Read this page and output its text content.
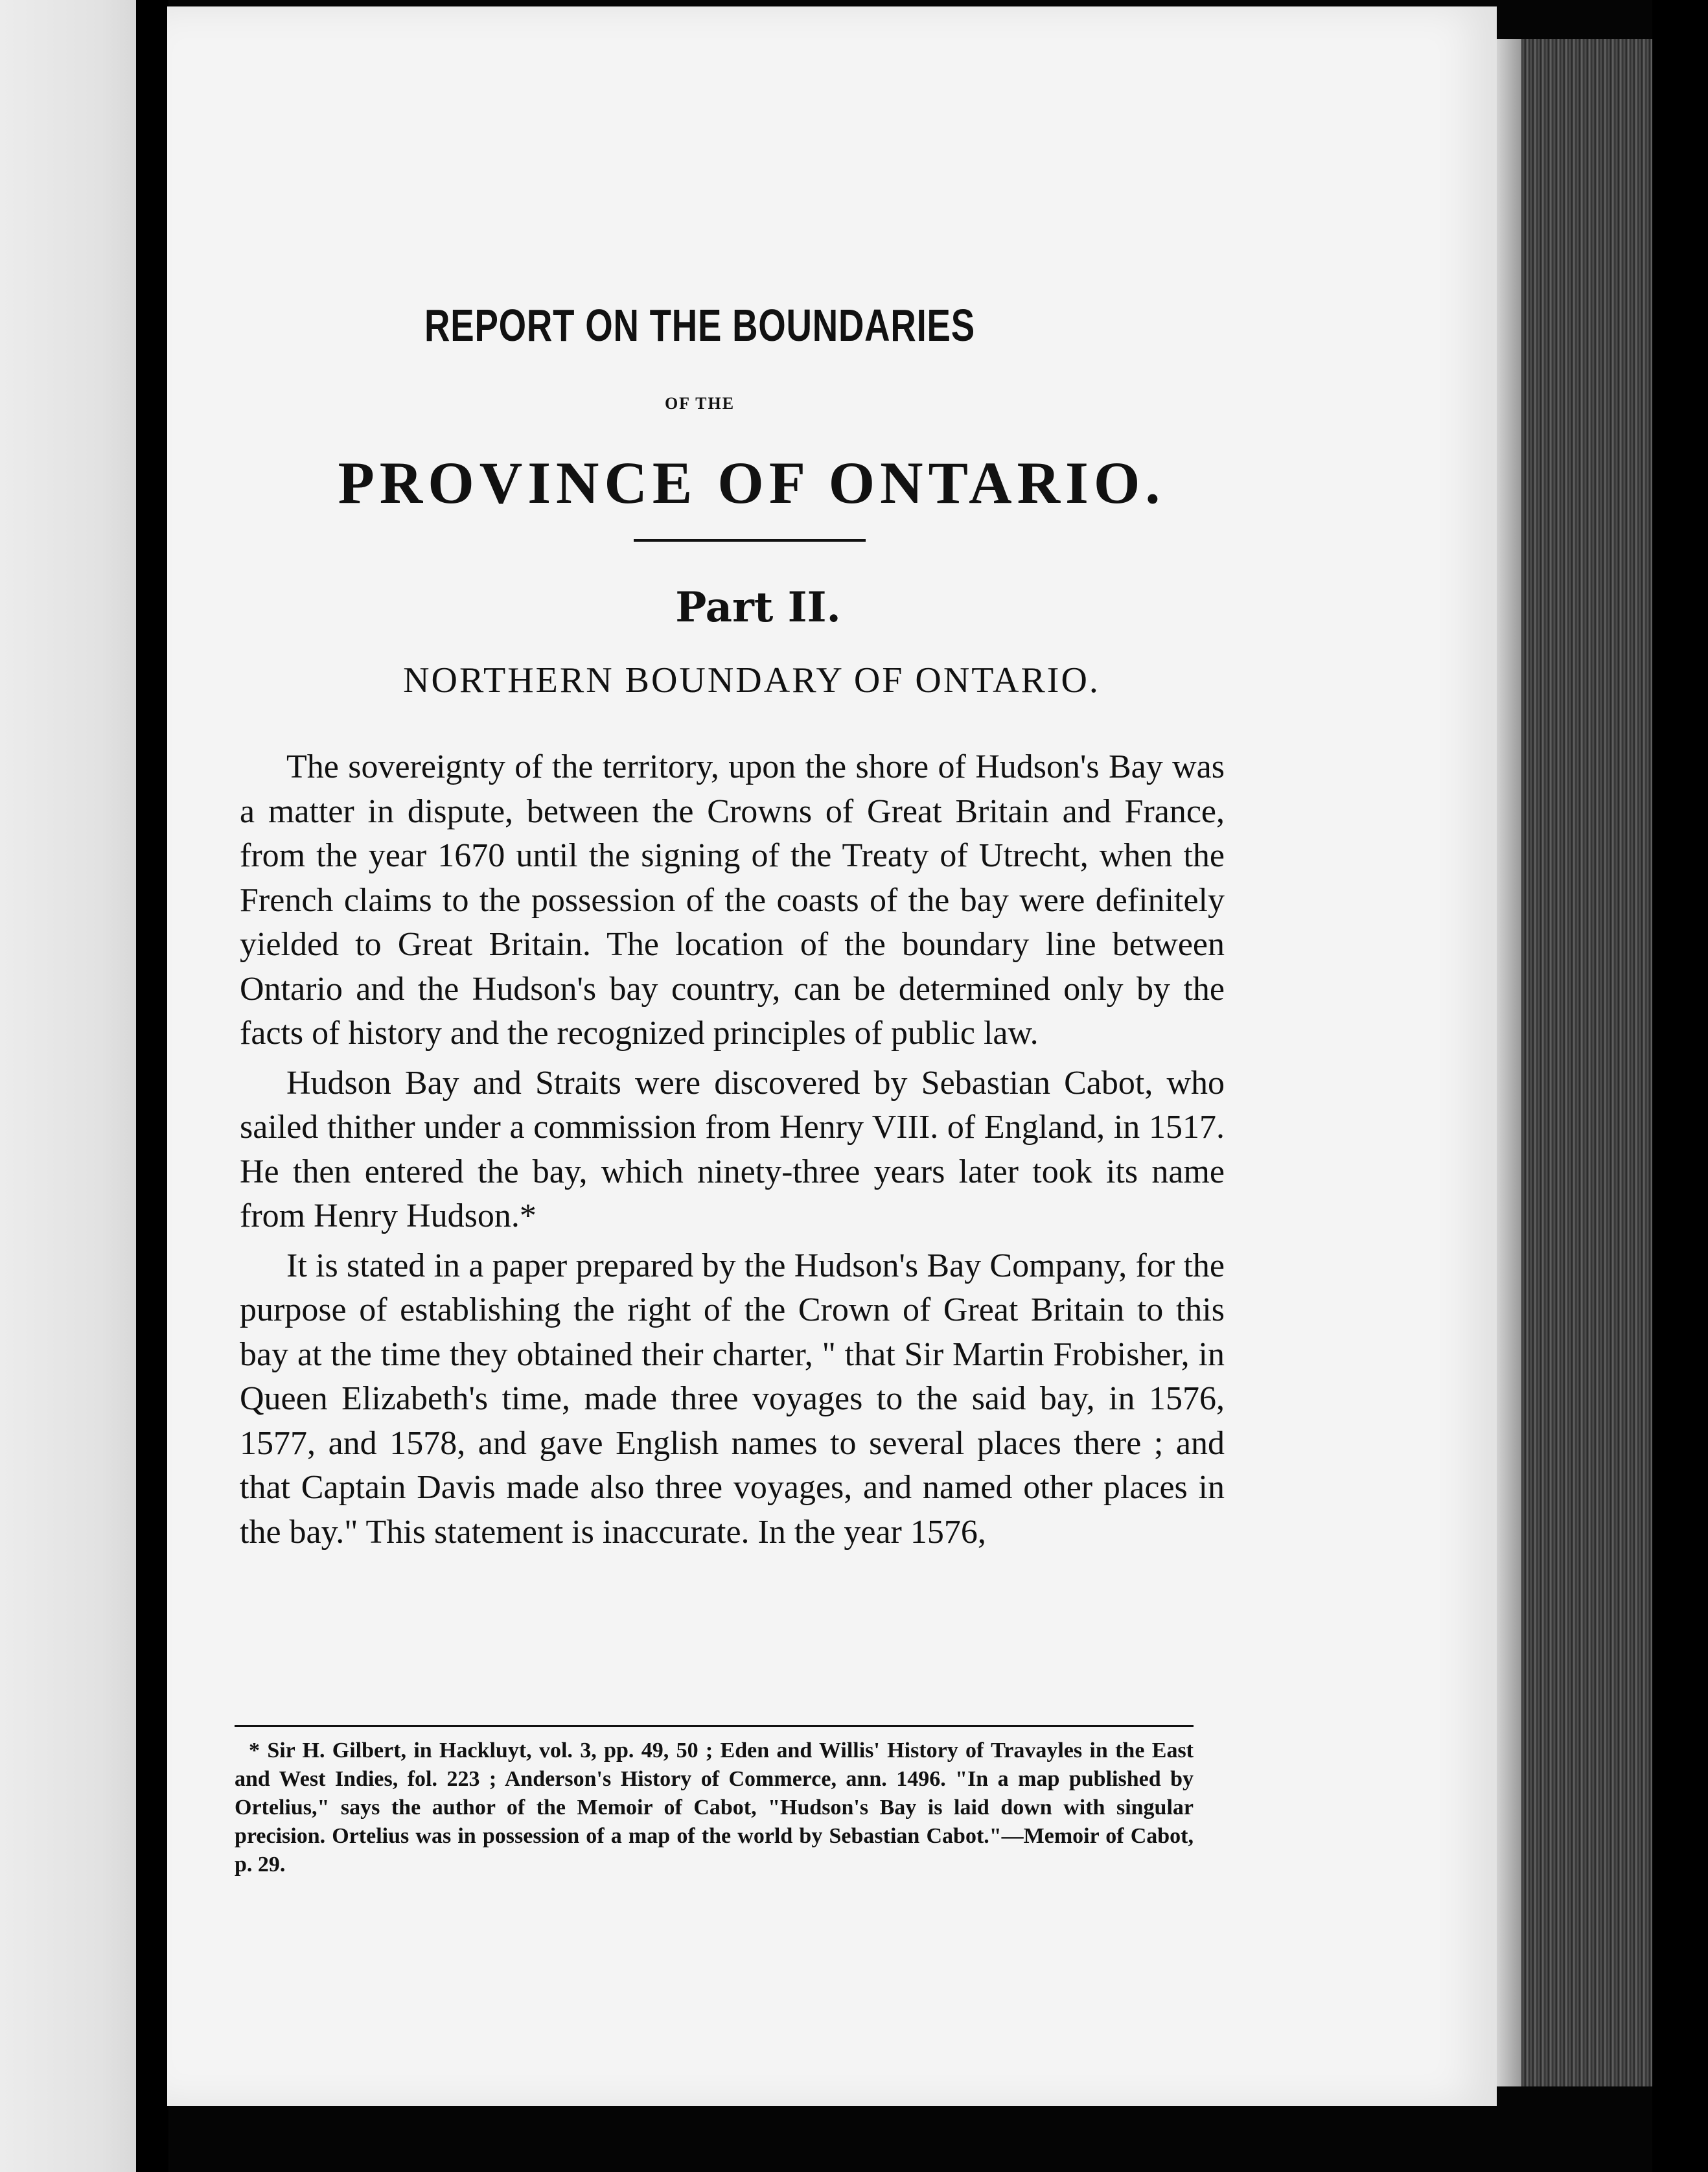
REPORT ON THE BOUNDARIES
OF THE
PROVINCE OF ONTARIO.
Part II.
NORTHERN BOUNDARY OF ONTARIO.

The sovereignty of the territory, upon the shore of Hudson's Bay was a matter in dispute, between the Crowns of Great Britain and France, from the year 1670 until the signing of the Treaty of Utrecht, when the French claims to the possession of the coasts of the bay were definitely yielded to Great Britain. The location of the boundary line between Ontario and the Hudson's bay country, can be determined only by the facts of history and the recognized principles of public law.

Hudson Bay and Straits were discovered by Sebastian Cabot, who sailed thither under a commission from Henry VIII. of England, in 1517. He then entered the bay, which ninety-three years later took its name from Henry Hudson.*

It is stated in a paper prepared by the Hudson's Bay Company, for the purpose of establishing the right of the Crown of Great Britain to this bay at the time they obtained their charter, " that Sir Martin Frobisher, in Queen Elizabeth's time, made three voyages to the said bay, in 1576, 1577, and 1578, and gave English names to several places there ; and that Captain Davis made also three voyages, and named other places in the bay." This statement is inaccurate. In the year 1576,

* Sir H. Gilbert, in Hackluyt, vol. 3, pp. 49, 50 ; Eden and Willis' History of Travayles in the East and West Indies, fol. 223 ; Anderson's History of Commerce, ann. 1496. "In a map published by Ortelius," says the author of the Memoir of Cabot, "Hudson's Bay is laid down with singular precision. Ortelius was in possession of a map of the world by Sebastian Cabot."—Memoir of Cabot, p. 29.
